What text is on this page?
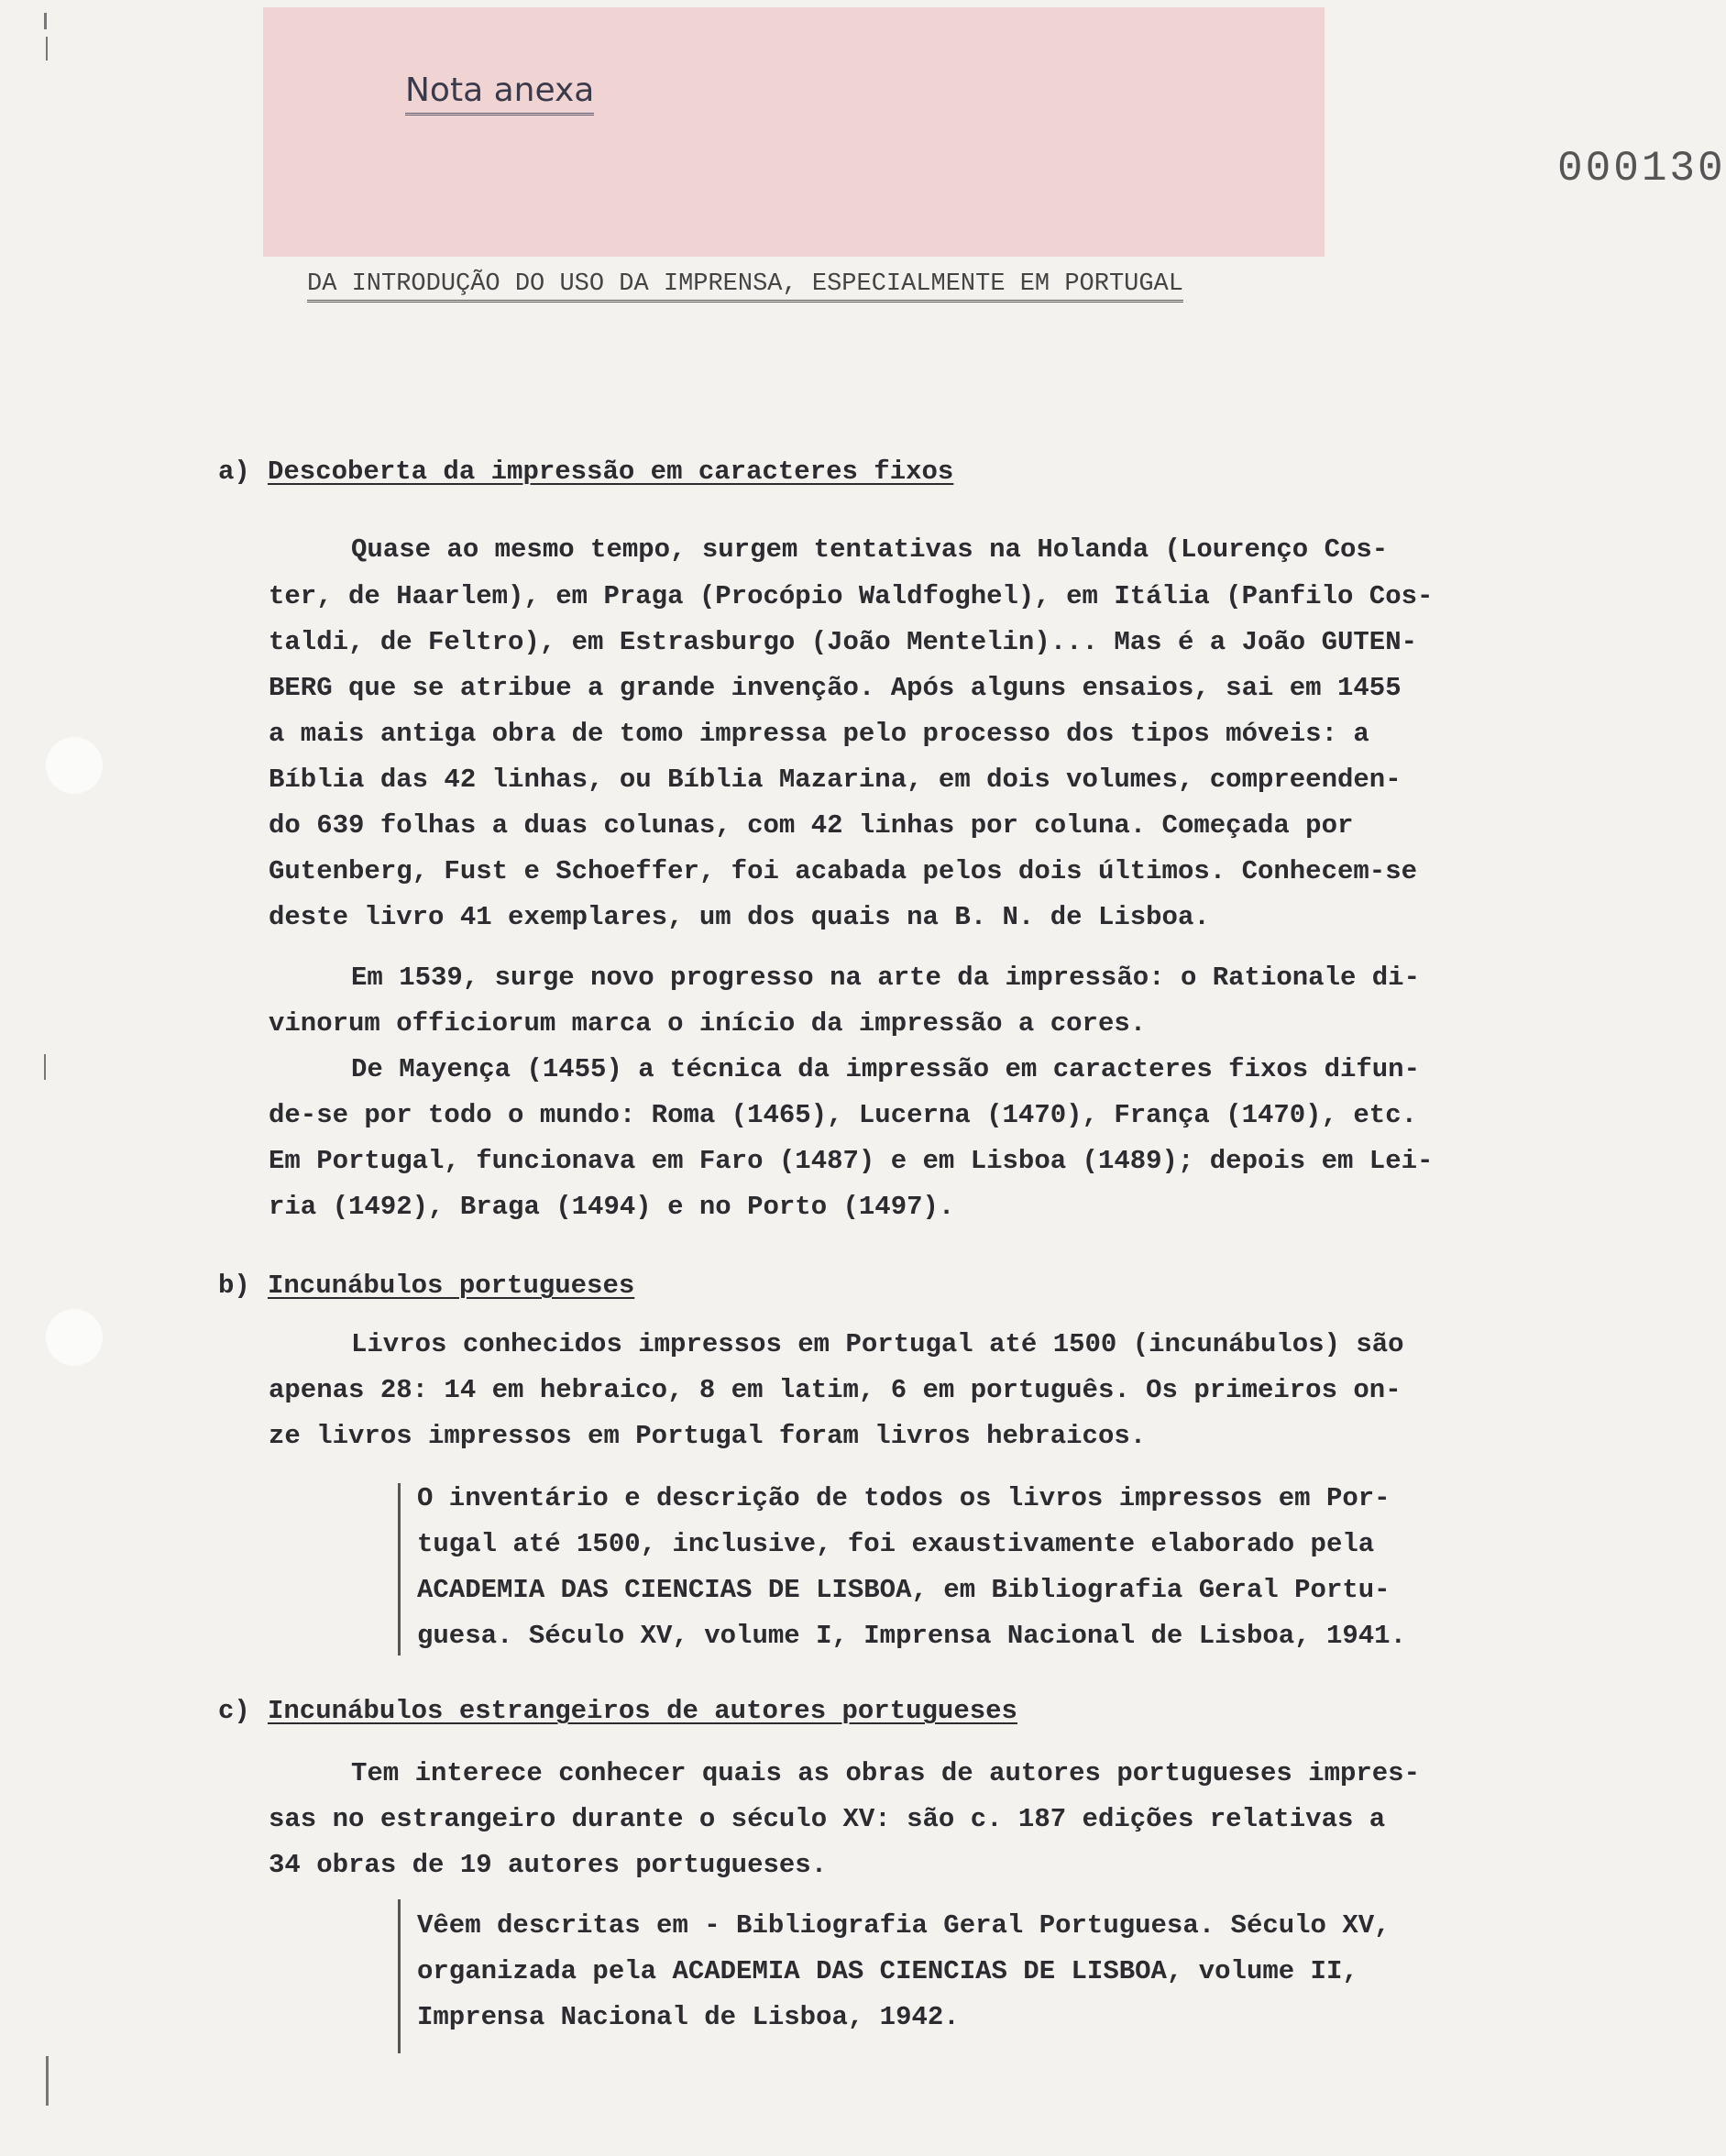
Nota anexa
000130
DA INTRODUÇÃO DO USO DA IMPRENSA, ESPECIALMENTE EM PORTUGAL
a) Descoberta da impressão em caracteres fixos
Quase ao mesmo tempo, surgem tentativas na Holanda (Lourenço Cos-
ter, de Haarlem), em Praga (Procópio Waldfoghel), em Itália (Panfilo Cos-
taldi, de Feltro), em Estrasburgo (João Mentelin)... Mas é a João GUTEN-
BERG que se atribue a grande invenção. Após alguns ensaios, sai em 1455
a mais antiga obra de tomo impressa pelo processo dos tipos móveis: a
Bíblia das 42 linhas, ou Bíblia Mazarina, em dois volumes, compreenden-
do 639 folhas a duas colunas, com 42 linhas por coluna. Começada por
Gutenberg, Fust e Schoeffer, foi acabada pelos dois últimos. Conhecem-se
deste livro 41 exemplares, um dos quais na B. N. de Lisboa.
Em 1539, surge novo progresso na arte da impressão: o Rationale di-
vinorum officiorum marca o início da impressão a cores.
De Mayença (1455) a técnica da impressão em caracteres fixos difun-
de-se por todo o mundo: Roma (1465), Lucerna (1470), França (1470), etc.
Em Portugal, funcionava em Faro (1487) e em Lisboa (1489); depois em Lei-
ria (1492), Braga (1494) e no Porto (1497).
b) Incunábulos portugueses
Livros conhecidos impressos em Portugal até 1500 (incunábulos) são
apenas 28: 14 em hebraico, 8 em latim, 6 em português. Os primeiros on-
ze livros impressos em Portugal foram livros hebraicos.
O inventário e descrição de todos os livros impressos em Por-
tugal até 1500, inclusive, foi exaustivamente elaborado pela
ACADEMIA DAS CIENCIAS DE LISBOA, em Bibliografia Geral Portu-
guesa. Século XV, volume I, Imprensa Nacional de Lisboa, 1941.
c) Incunábulos estrangeiros de autores portugueses
Tem interece conhecer quais as obras de autores portugueses impres-
sas no estrangeiro durante o século XV: são c. 187 edições relativas a
34 obras de 19 autores portugueses.
Vêem descritas em - Bibliografia Geral Portuguesa. Século XV,
organizada pela ACADEMIA DAS CIENCIAS DE LISBOA, volume II,
Imprensa Nacional de Lisboa, 1942.
